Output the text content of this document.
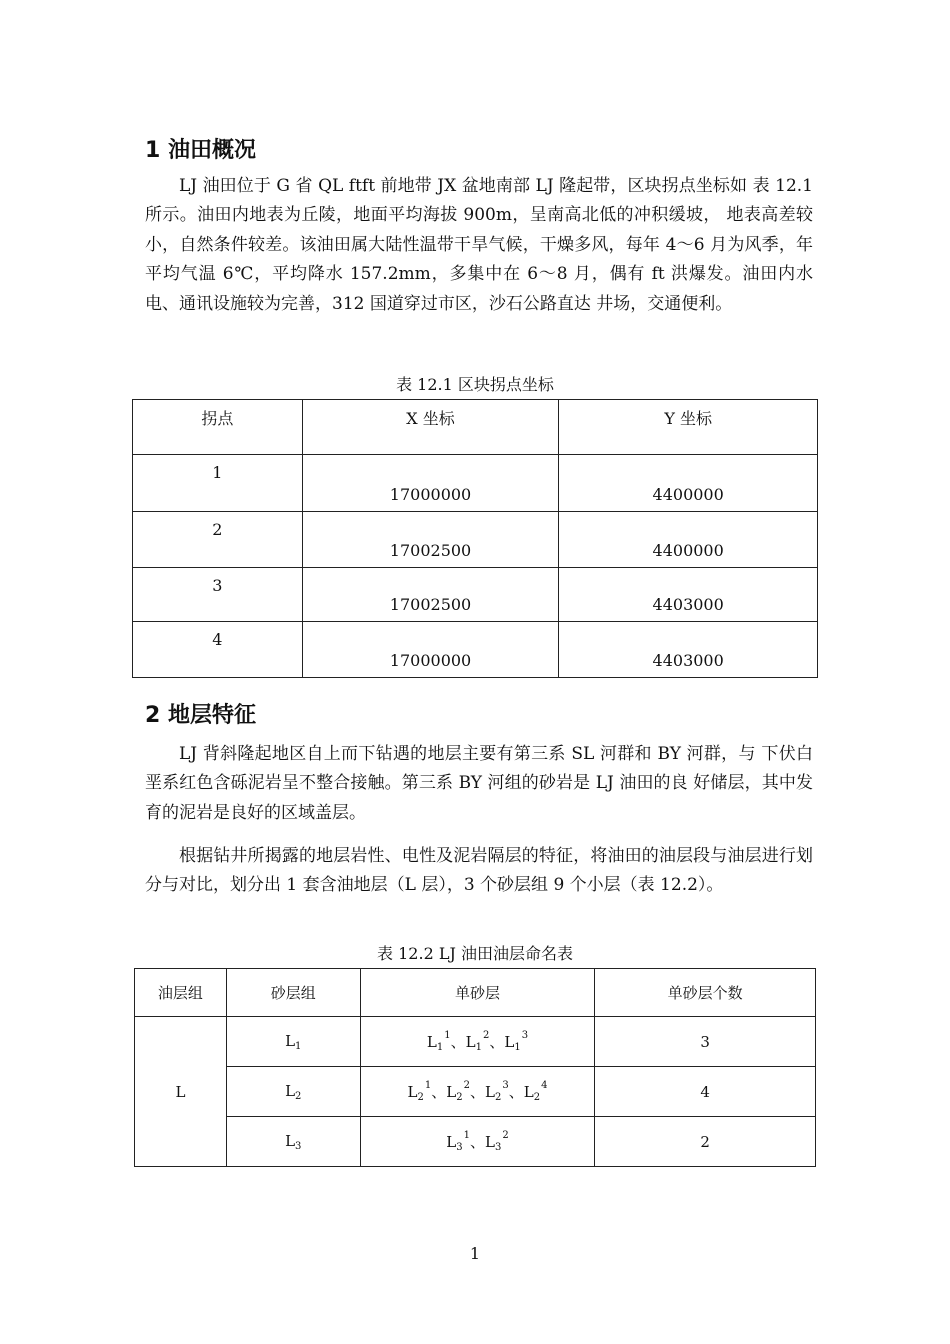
1 油田概况

LJ 油田位于 G 省 QL ftft 前地带 JX 盆地南部 LJ 隆起带，区块拐点坐标如 表 12.1 所示。油田内地表为丘陵，地面平均海拔 900m，呈南高北低的冲积缓坡， 地表高差较小，自然条件较差。该油田属大陆性温带干旱气候，干燥多风，每年 4～6 月为风季，年平均气温 6℃，平均降水 157.2mm，多集中在 6～8 月，偶有 ft 洪爆发。油田内水电、通讯设施较为完善，312 国道穿过市区，沙石公路直达 井场，交通便利。

表 12.1 区块拐点坐标

拐点	X 坐标	Y 坐标
1	17000000	4400000
2	17002500	4400000
3	17002500	4403000
4	17000000	4403000
2 地层特征

LJ 背斜隆起地区自上而下钻遇的地层主要有第三系 SL 河群和 BY 河群，与 下伏白垩系红色含砾泥岩呈不整合接触。第三系 BY 河组的砂岩是 LJ 油田的良 好储层，其中发育的泥岩是良好的区域盖层。

根据钻井所揭露的地层岩性、电性及泥岩隔层的特征，将油田的油层段与油层进行划分与对比，划分出 1 套含油地层（L 层），3 个砂层组 9 个小层（表 12.2）。

表 12.2 LJ 油田油层命名表

油层组	砂层组	单砂层	单砂层个数
L	$L_1$	$L_1^1$、$L_1^2$、$L_1^3$	3
	$L_2$	$L_2^1$、$L_2^2$、$L_2^3$、$L_2^4$	4
	$L_3$	$L_3^1$、$L_3^2$	2
1
